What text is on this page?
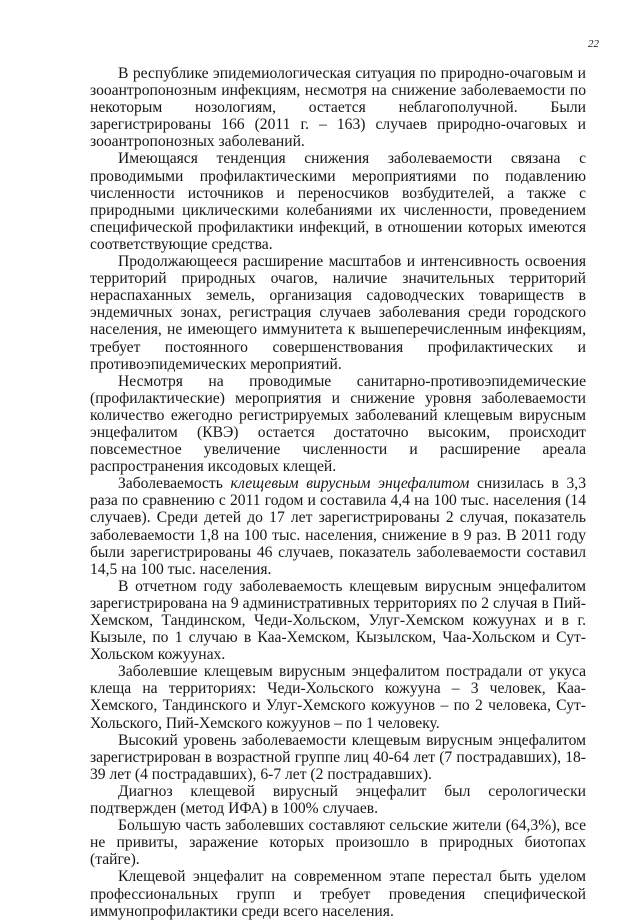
22

В республике эпидемиологическая ситуация по природно-очаговым и зооантропонозным инфекциям, несмотря на снижение заболеваемости по некоторым нозологиям, остается неблагополучной. Были зарегистрированы 166 (2011 г. – 163) случаев природно-очаговых и зооантропонозных заболеваний.

Имеющаяся тенденция снижения заболеваемости связана с проводимыми профилактическими мероприятиями по подавлению численности источников и переносчиков возбудителей, а также с природными циклическими колебаниями их численности, проведением специфической профилактики инфекций, в отношении которых имеются соответствующие средства.

Продолжающееся расширение масштабов и интенсивность освоения территорий природных очагов, наличие значительных территорий нераспаханных земель, организация садоводческих товариществ в эндемичных зонах, регистрация случаев заболевания среди городского населения, не имеющего иммунитета к вышеперечисленным инфекциям, требует постоянного совершенствования профилактических и противоэпидемических мероприятий.

Несмотря на проводимые санитарно-противоэпидемические (профилактические) мероприятия и снижение уровня заболеваемости количество ежегодно регистрируемых заболеваний клещевым вирусным энцефалитом (КВЭ) остается достаточно высоким, происходит повсеместное увеличение численности и расширение ареала распространения иксодовых клещей.

Заболеваемость клещевым вирусным энцефалитом снизилась в 3,3 раза по сравнению с 2011 годом и составила 4,4 на 100 тыс. населения (14 случаев). Среди детей до 17 лет зарегистрированы 2 случая, показатель заболеваемости 1,8 на 100 тыс. населения, снижение в 9 раз. В 2011 году были зарегистрированы 46 случаев, показатель заболеваемости составил 14,5 на 100 тыс. населения.

В отчетном году заболеваемость клещевым вирусным энцефалитом зарегистрирована на 9 административных территориях по 2 случая в Пий-Хемском, Тандинском, Чеди-Хольском, Улуг-Хемском кожуунах и в г. Кызыле, по 1 случаю в Каа-Хемском, Кызылском, Чаа-Хольском и Сут-Хольском кожуунах.

Заболевшие клещевым вирусным энцефалитом пострадали от укуса клеща на территориях: Чеди-Хольского кожууна – 3 человек, Каа-Хемского, Тандинского и Улуг-Хемского кожуунов – по 2 человека, Сут-Хольского, Пий-Хемского кожуунов – по 1 человеку.

Высокий уровень заболеваемости клещевым вирусным энцефалитом зарегистрирован в возрастной группе лиц 40-64 лет (7 пострадавших), 18-39 лет (4 пострадавших), 6-7 лет (2 пострадавших).

Диагноз клещевой вирусный энцефалит был серологически подтвержден (метод ИФА) в 100% случаев.

Большую часть заболевших составляют сельские жители (64,3%), все не привиты, заражение которых произошло в природных биотопах (тайге).

Клещевой энцефалит на современном этапе перестал быть уделом профессиональных групп и требует проведения специфической иммунопрофилактики среди всего населения.
